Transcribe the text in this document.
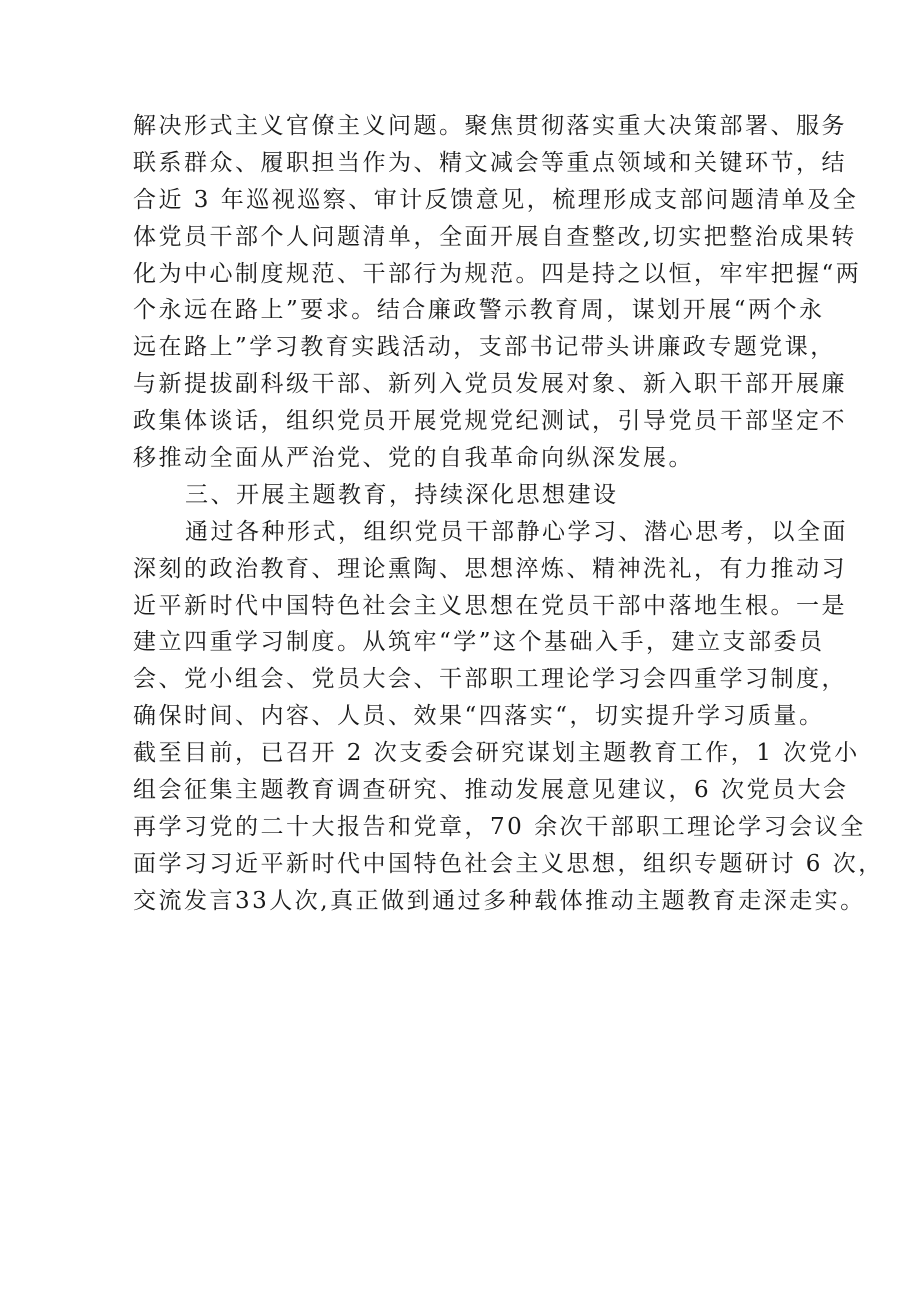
解决形式主义官僚主义问题。聚焦贯彻落实重大决策部署、服务
联系群众、履职担当作为、精文减会等重点领域和关键环节，结
合近 3 年巡视巡察、审计反馈意见，梳理形成支部问题清单及全
体党员干部个人问题清单，全面开展自查整改,切实把整治成果转
化为中心制度规范、干部行为规范。四是持之以恒，牢牢把握“两
个永远在路上”要求。结合廉政警示教育周，谋划开展“两个永
远在路上”学习教育实践活动，支部书记带头讲廉政专题党课，
与新提拔副科级干部、新列入党员发展对象、新入职干部开展廉
政集体谈话，组织党员开展党规党纪测试，引导党员干部坚定不
移推动全面从严治党、党的自我革命向纵深发展。
三、开展主题教育，持续深化思想建设
通过各种形式，组织党员干部静心学习、潜心思考，以全面
深刻的政治教育、理论熏陶、思想淬炼、精神洗礼，有力推动习
近平新时代中国特色社会主义思想在党员干部中落地生根。一是
建立四重学习制度。从筑牢“学”这个基础入手，建立支部委员
会、党小组会、党员大会、干部职工理论学习会四重学习制度，
确保时间、内容、人员、效果“四落实“，切实提升学习质量。
截至目前，已召开 2 次支委会研究谋划主题教育工作，1 次党小
组会征集主题教育调查研究、推动发展意见建议，6 次党员大会
再学习党的二十大报告和党章，70 余次干部职工理论学习会议全
面学习习近平新时代中国特色社会主义思想，组织专题研讨 6 次，
交流发言33人次,真正做到通过多种载体推动主题教育走深走实。
